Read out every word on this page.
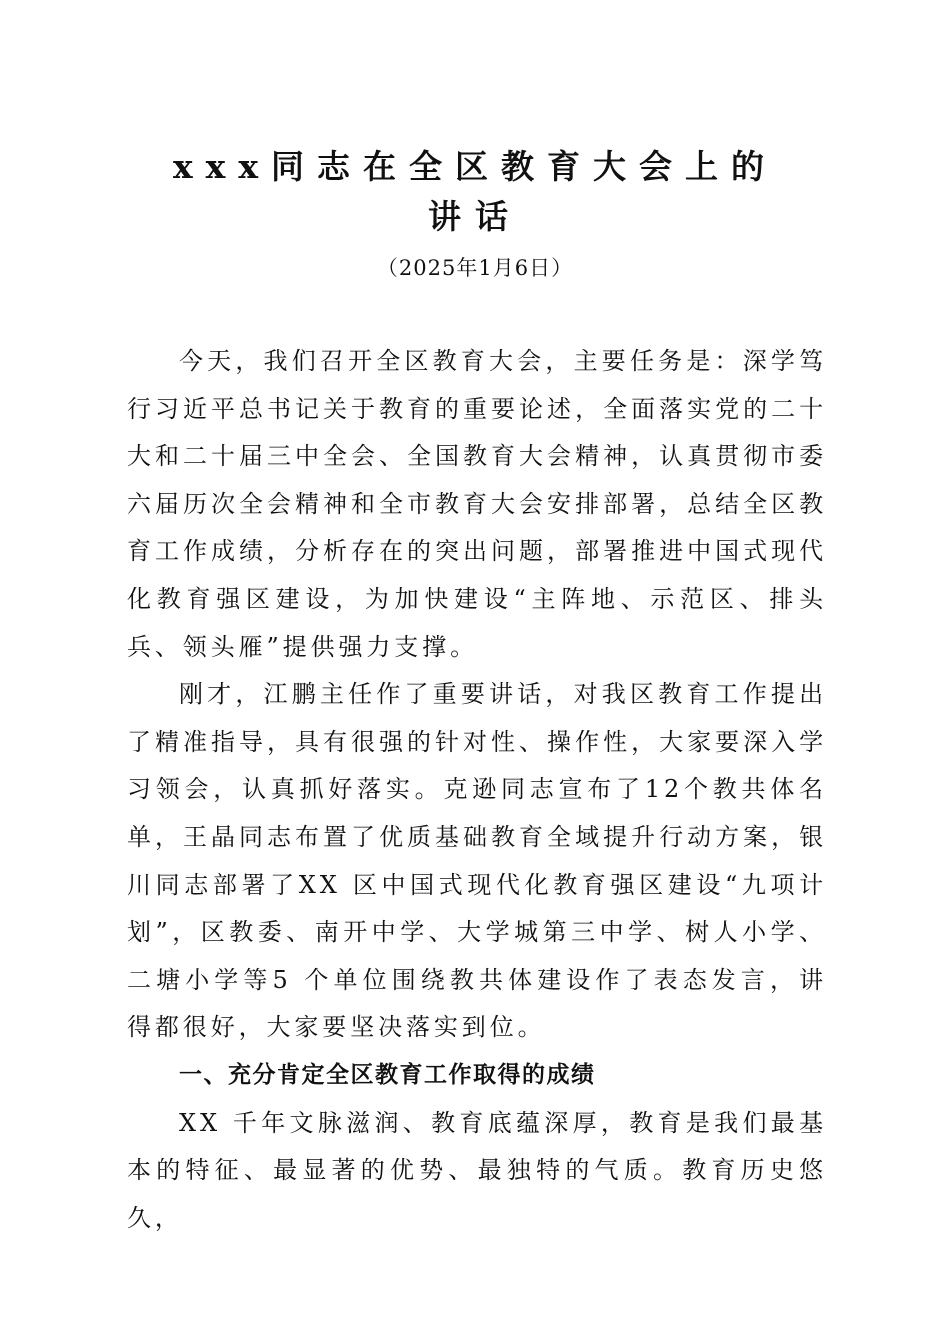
xxx同志在全区教育大会上的
讲话
（2025年1月6日）

今天，我们召开全区教育大会，主要任务是：深学笃行习近平总书记关于教育的重要论述，全面落实党的二十大和二十届三中全会、全国教育大会精神，认真贯彻市委六届历次全会精神和全市教育大会安排部署，总结全区教育工作成绩，分析存在的突出问题，部署推进中国式现代化教育强区建设，为加快建设“主阵地、示范区、排头兵、领头雁”提供强力支撑。

刚才，江鹏主任作了重要讲话，对我区教育工作提出了精准指导，具有很强的针对性、操作性，大家要深入学习领会，认真抓好落实。克逊同志宣布了12个教共体名单，王晶同志布置了优质基础教育全域提升行动方案，银川同志部署了XX 区中国式现代化教育强区建设“九项计划”，区教委、南开中学、大学城第三中学、树人小学、二塘小学等5 个单位围绕教共体建设作了表态发言，讲得都很好，大家要坚决落实到位。

一、充分肯定全区教育工作取得的成绩

XX 千年文脉滋润、教育底蕴深厚，教育是我们最基本的特征、最显著的优势、最独特的气质。教育历史悠久，
